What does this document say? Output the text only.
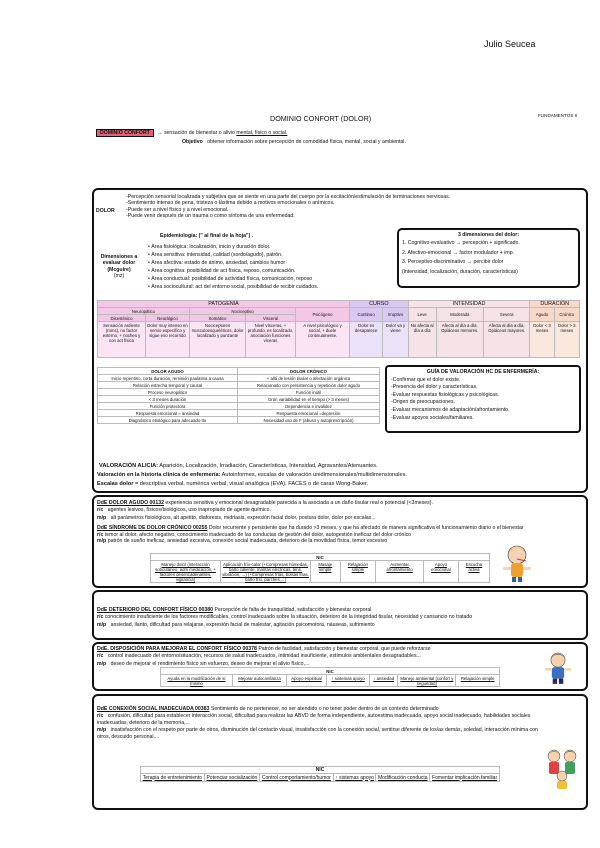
Julio Seucea
DOMINIO CONFORT (DOLOR)	FUNDAMENTOS II
DOMINIO CONFORT → sensación de bienestar o alivio mental, físico o social.
Objetivo obtener información sobre percepción de comodidad física, mental, social y ambiental.
DOLOR
-Percepción sensorial localizada y subjetiva que se siente en una parte del cuerpo por la excitación/estimulación de terminaciones nerviosas.
-Sentimiento intenso de pena, tristeza o lástima debido a motivos emocionales o anímicos.
-Puede ser a nivel físico y a nivel emocional.
-Puede venir después de un trauma o como síntoma de una enfermedad.
Epidemiología: (" al final de la hoja") .
Dimensiones a
evaluar dolor
(Mcguire)
(mz)
• Área fisiológica: localización, inicio y duración dolor.
• Área sensitiva: intensidad, calidad (sordo/agudo), patrón.
• Área afectiva: estado de ánimo, ansiedad, cambios humor
• Área cognitiva: posibilidad de act física, reposo, comunicación.
• Área conductual: posibilidad de actividad física, comunicación, reposo
• Área sociocultural: act del entorno social, posibilidad de recibir cuidados.
3 dimensiones del dolor:
1. Cognitivo-evaluativo → percepción + significado.
2. Afectivo-emocional → factor modulador + imp.
3. Perceptivo-discriminativo → percibir dolor
(intensidad, localización, duración, características)
PATOGENIA					CURSO		INTENSIDAD			DURACIÓN	
Neuropático		Nociceptivo		Psicógeno	Continuo	Irruptivo	Leve	Moderada	Severa	Agudo	Crónico
Disestésico	Neurálgico	Somático	Visceral								
Sensación ardiente (mms), no factor externo, + noches y con act física	Dolor muy intenso en nervio específico y sigue eso recorrido	Nociceptores musculoesqueléticos, dolor localizado y punzante	Nivel vísceras, + profundo, es localizado, asociación funciones víceras	A nivel psicológico y social, + duele continuamente.	Dolor es desaparece	Dolor va y viene	No afecta al día a día	Afecta al día a día. Opiáceos menores.	Afecta al día a día. Opiáceos mayores.	Dolor < 3 meses	Dolor > 3 meses
DOLOR AGUDO	DOLOR CRÓNICO
Inicio repentino, corta duración, remisión paulatina a causa	+ allá de lesión tisular o afectación orgánica
Relación estrecha temporal y causal	Relacionado con persistencia y repetición dolor agudo
Proceso neuropático	Función inútil
< 3 meses duración	Gran variabilidad en el tiempo (> 3 meses)
Función protectora	Dependencia e invalidez
Respuesta emocional = ansiedad	Respuesta emocional =depresión
Diagnóstico etiológico para adecuado tto	Necesidad uso de F (abuso y autoprescripción)
GUÍA DE VALORACIÓN HC DE ENFERMERÍA:
-Confirmar que el dolor existe.
-Presencia del dolor y características.
-Evaluar respuestas fisiológicas y psicológicas.
-Origen de preocupaciones.
-Evaluar mecanismos de adaptación/afrontamiento.
-Evaluar apoyos sociales/familiares.
VALORACIÓN ALICIA: Aparición, Localización, Irradiación, Características, Intensidad, Agravantes/Atenuantes.
Valoración en la historia clínica de enfermería: Autoinformes, escalas de valoración unidimensionales/multidimensionales.
Escalas dolor = descriptiva verbal, numérica verbal, visual analógica (EVA), FACES o de caras Wong-Baker.
DdE DOLOR AGUDO 00132 experiencia sensitiva y emocional desagradable parecida a la asociada a un daño tisular real o potencial (<3meses).
r/c agentes lesivos, físicos/biológicos, uso inapropiado de agente químico.
m/p alt parámetros fisiológicos, alt apetito, diaforesis, midriasis, expresión facial dolor, postura dolor, dolor por escalas...
DdE SÍNDROME DE DOLOR CRÓNICO 00255 Dolor recurrente y persistente que ha durado >3 meses, y que ha afectado de manera significativa el funcionamiento diario o el bienestar
r/c temor al dolor, afecto negativo, conocimiento inadecuado de las conductas de gestión del dolor, autogestión ineficaz del dolor crónico
m/p patrón de sueño ineficaz, ansiedad excesiva, conexión social inadecuada, deterioro de la movilidad física, temor excesivo
NIC
Manejo dolor (interacción sobcutáneo, adm medicación, + factores desencadenantes, vigilancia)	Aplicación frío-calor (+Compresas húmedas, baño caliente, mantas eléctricas, tens, vibración, ...) (+Compresas frías, bolsas frías, baño frío, parches,...)	Masaje simple	Relajación simple	Aumentar afrontamiento	Apoyo emocional	Escucha activa
DdE DETERIORO DEL CONFORT FÍSICO 00380 Percepción de falta de tranquilidad, satisfacción y bienestar corporal
r/c conocimiento insuficiente de los factores modificables, control inadecuado sobre la situación, deterioro de la integridad tisular, necesidad y cansancio no tratado
m/p ansiedad, llanto, dificultad para relajarse, expresión facial de malestar, agitación psicomotora, náuseas, sufrimiento
DdE. DISPOSICIÓN PARA MEJORAR EL CONFORT FÍSICO 00378 Patrón de facilidad, satisfacción y bienestar corporal, que puede reforzarse
r/c control inadecuado del entorno/situación, recursos de salud inadecuados, intimidad insuficiente, estímulos ambientales desagradables...
m/p deseo de mejorar el rendimiento físico sin esfuerzo, deseo de mejorar el alivio físico,...
NIC
Ayuda en la modificación de sí mismo	Mejorar autoconfianza	Apoyo espiritual	↑ sistemas apoyo	↓ ansiedad	Manejo ambiental (confort y seguridad)	Relajación simple
DdE CONEXIÓN SOCIAL INADECUADA 00383 Sentimiento de no pertenecer, no ser atendido o no tener poder dentro de un contexto determinado
r/c confusión, dificultad para establecer interacción social, dificultad para realizar las ABVD de forma independiente, autoestima inadecuada, apoyo social inadecuado, habilidades sociales inadecuadas, deterioro de la memoria,...
m/p insatisfacción con el respeto por parte de otros, disminución del contacto visual, insatisfacción con la conexión social, sentirse diferente de los/as demás, soledad, interacción mínima con otros, descuido personal,...
NIC
Terapia de entretenimiento	Potenciar socialización	Control comportamiento/humor	↑ sistemas apoyo	Modificación conducta	Fomentar implicación familiar
